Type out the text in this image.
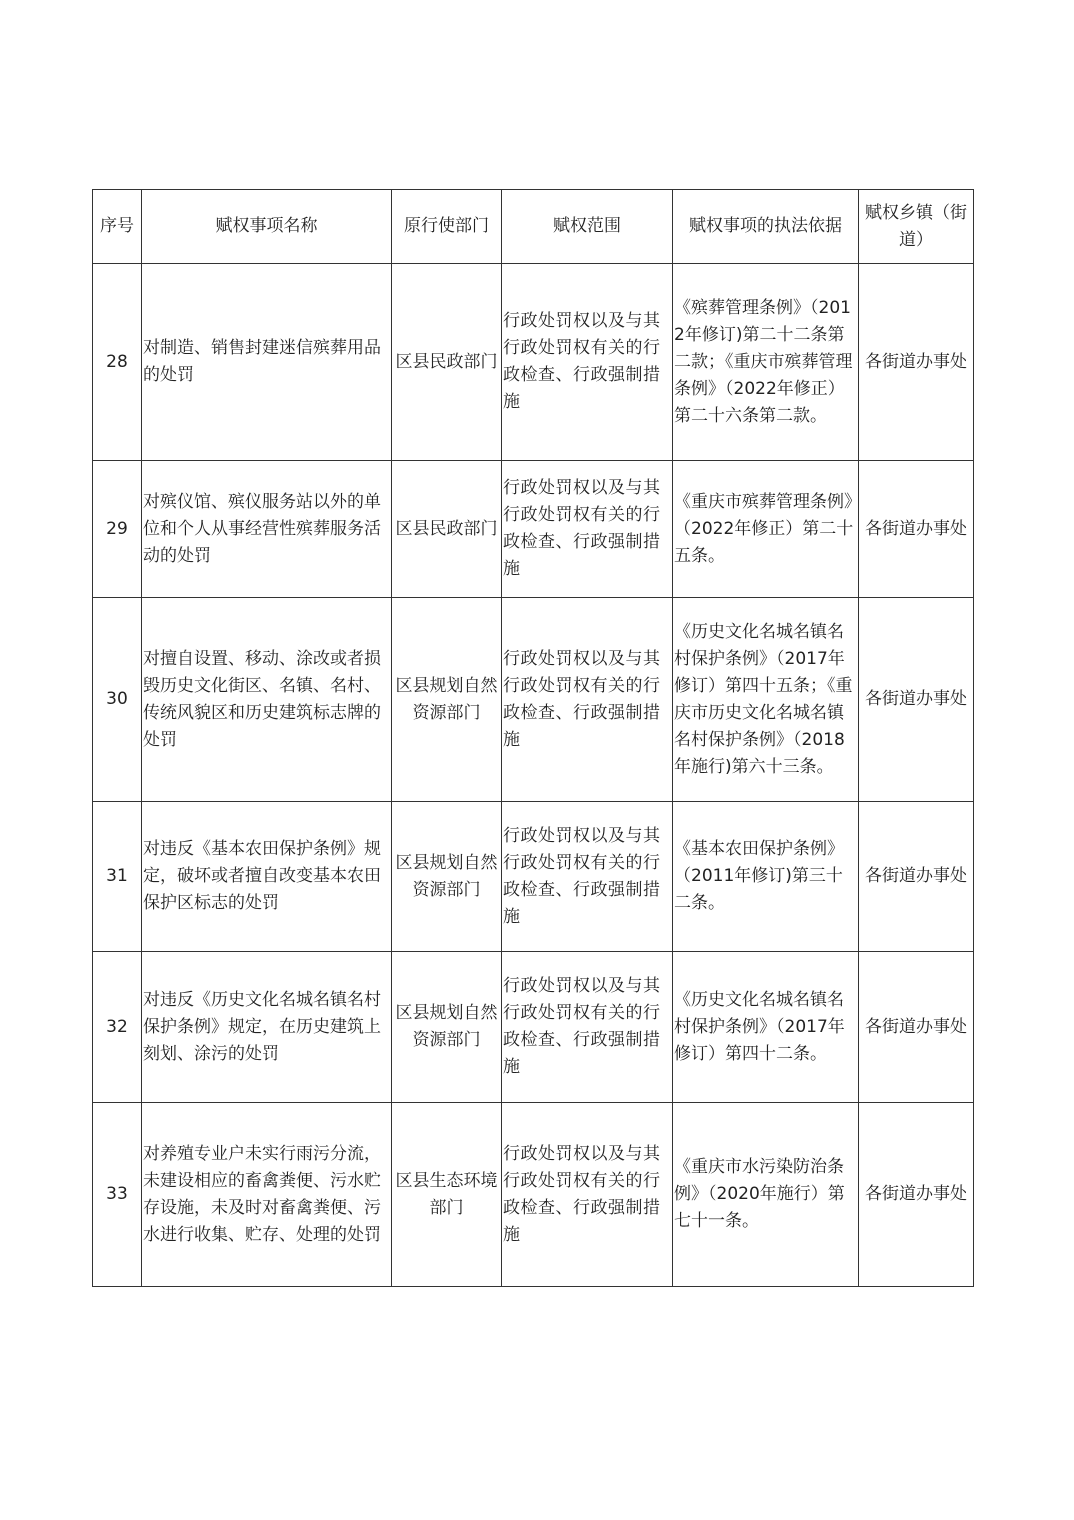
序号	赋权事项名称	原行使部门	赋权范围	赋权事项的执法依据	赋权乡镇（街道）
28	对制造、销售封建迷信殡葬用品的处罚	区县民政部门	行政处罚权以及与其行政处罚权有关的行政检查、行政强制措施	《殡葬管理条例》（2012年修订)第二十二条第二款；《重庆市殡葬管理条例》（2022年修正）第二十六条第二款。	各街道办事处
29	对殡仪馆、殡仪服务站以外的单位和个人从事经营性殡葬服务活动的处罚	区县民政部门	行政处罚权以及与其行政处罚权有关的行政检查、行政强制措施	《重庆市殡葬管理条例》（2022年修正）第二十五条。	各街道办事处
30	对擅自设置、移动、涂改或者损毁历史文化街区、名镇、名村、传统风貌区和历史建筑标志牌的处罚	区县规划自然资源部门	行政处罚权以及与其行政处罚权有关的行政检查、行政强制措施	《历史文化名城名镇名村保护条例》（2017年修订）第四十五条；《重庆市历史文化名城名镇名村保护条例》（2018年施行)第六十三条。	各街道办事处
31	对违反《基本农田保护条例》规定，破坏或者擅自改变基本农田保护区标志的处罚	区县规划自然资源部门	行政处罚权以及与其行政处罚权有关的行政检查、行政强制措施	《基本农田保护条例》（2011年修订)第三十二条。	各街道办事处
32	对违反《历史文化名城名镇名村保护条例》规定，在历史建筑上刻划、涂污的处罚	区县规划自然资源部门	行政处罚权以及与其行政处罚权有关的行政检查、行政强制措施	《历史文化名城名镇名村保护条例》（2017年修订）第四十二条。	各街道办事处
33	对养殖专业户未实行雨污分流，未建设相应的畜禽粪便、污水贮存设施，未及时对畜禽粪便、污水进行收集、贮存、处理的处罚	区县生态环境部门	行政处罚权以及与其行政处罚权有关的行政检查、行政强制措施	《重庆市水污染防治条例》（2020年施行）第七十一条。	各街道办事处
